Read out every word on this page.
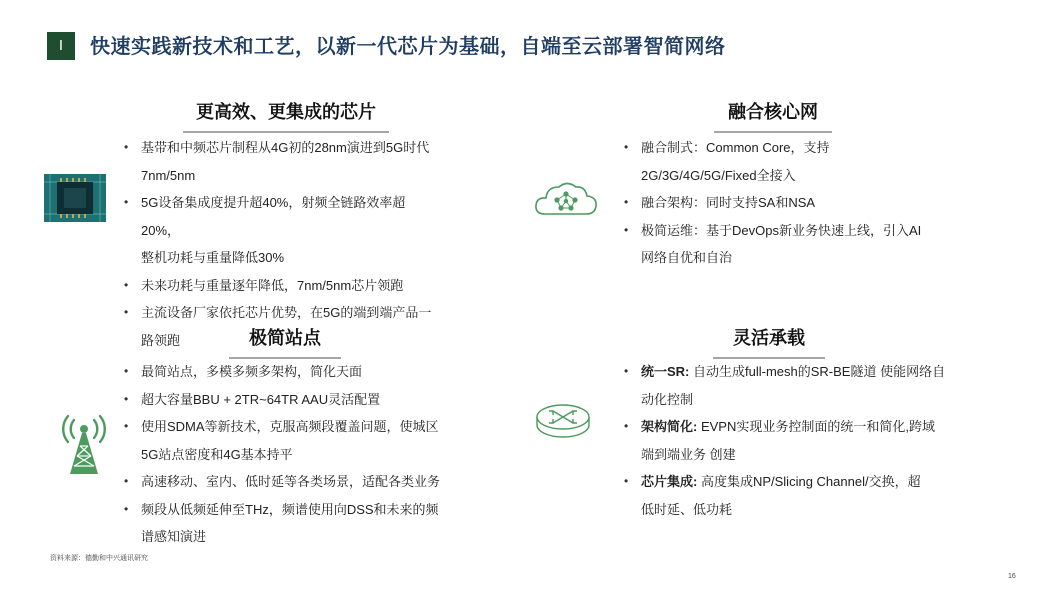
I	快速实践新技术和工艺，以新一代芯片为基础，自端至云部署智简网络
更高效、更集成的芯片
• 基带和中频芯片制程从4G初的28nm演进到5G时代
7nm/5nm
• 5G设备集成度提升超40%，射频全链路效率超
20%，
整机功耗与重量降低30%
• 未来功耗与重量逐年降低，7nm/5nm芯片领跑
• 主流设备厂家依托芯片优势，在5G的端到端产品一
路领跑
融合核心网
• 融合制式：Common Core，支持
2G/3G/4G/5G/Fixed全接入
• 融合架构：同时支持SA和NSA
• 极简运维：基于DevOps新业务快速上线，引入AI
网络自优和自治
极简站点
• 最简站点，多模多频多架构，简化天面
• 超大容量BBU + 2TR~64TR AAU灵活配置
• 使用SDMA等新技术，克服高频段覆盖问题，使城区
5G站点密度和4G基本持平
• 高速移动、室内、低时延等各类场景，适配各类业务
• 频段从低频延伸至THz，频谱使用向DSS和未来的频
谱感知演进
灵活承载
• 统一SR: 自动生成full-mesh的SR-BE隧道 使能网络自
动化控制
• 架构简化: EVPN实现业务控制面的统一和简化,跨域
端到端业务 创建
• 芯片集成: 高度集成NP/Slicing Channel/交换，超
低时延、低功耗
资料来源：德勤和中兴通讯研究
16
